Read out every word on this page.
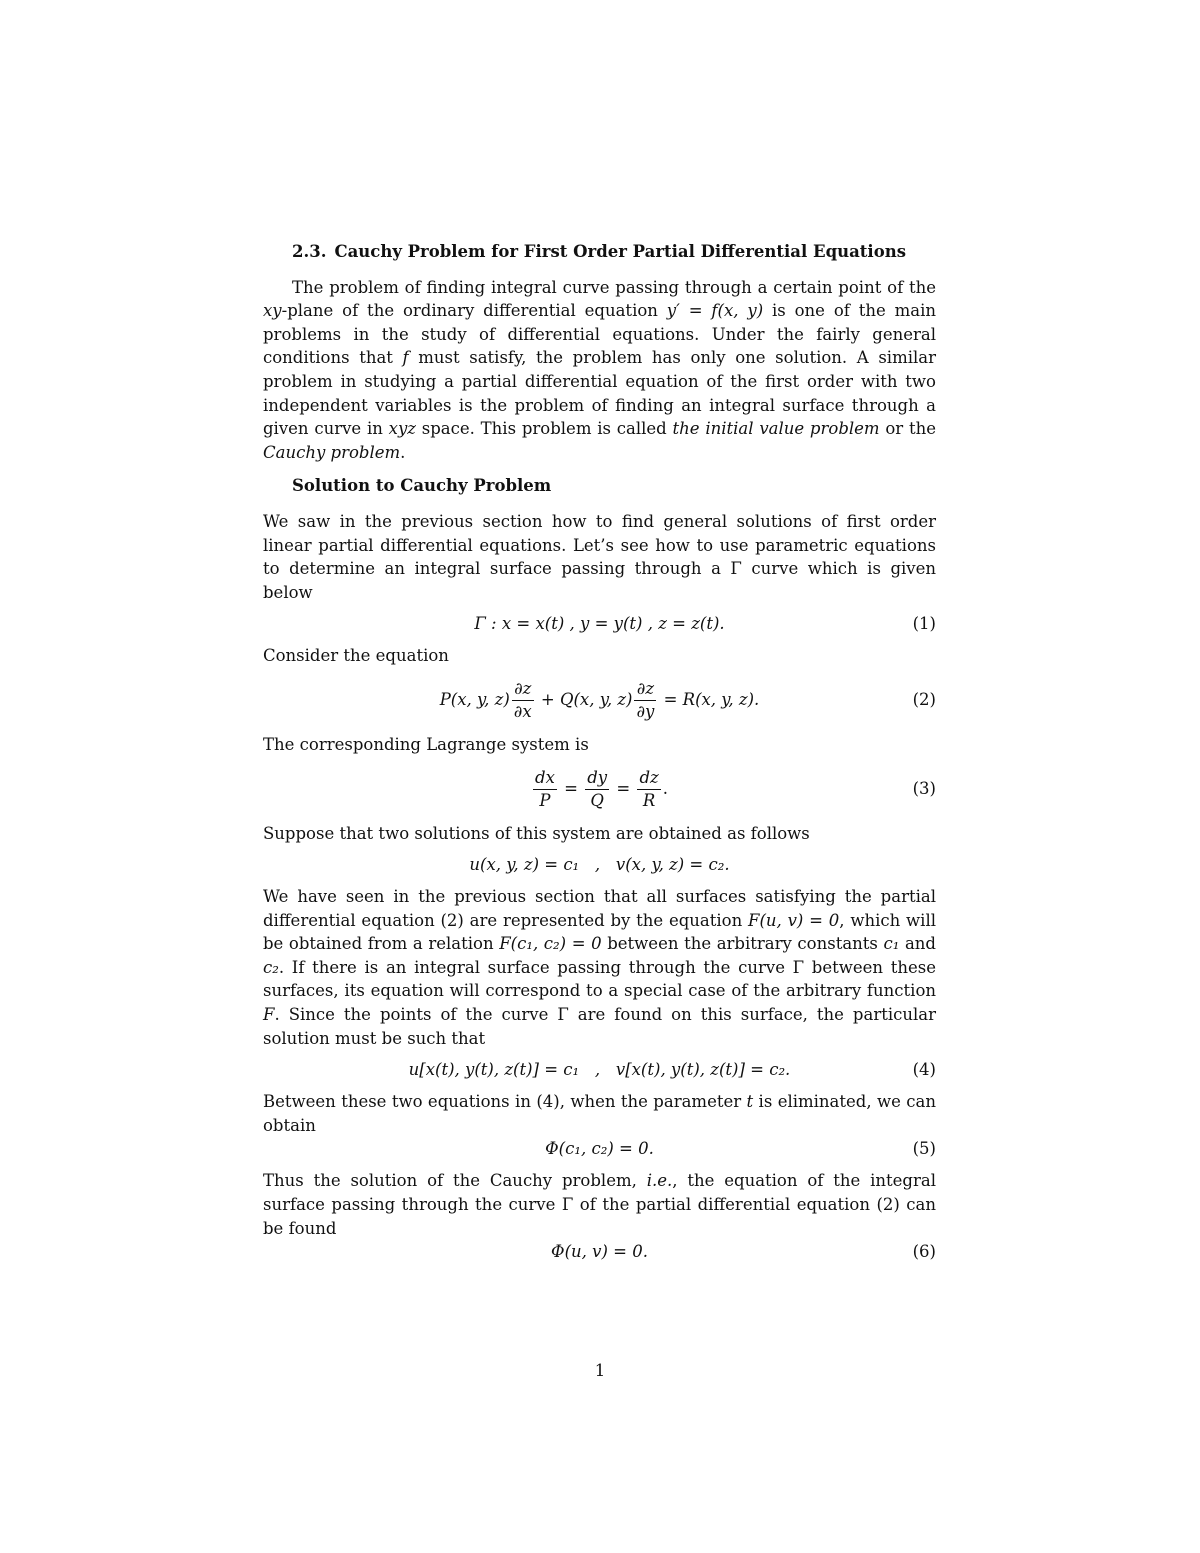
2.3. Cauchy Problem for First Order Partial Differential Equations

The problem of finding integral curve passing through a certain point of the xy-plane of the ordinary differential equation y′ = f(x, y) is one of the main problems in the study of differential equations. Under the fairly general conditions that f must satisfy, the problem has only one solution. A similar problem in studying a partial differential equation of the first order with two independent variables is the problem of finding an integral surface through a given curve in xyz space. This problem is called the initial value problem or the Cauchy problem.

Solution to Cauchy Problem

We saw in the previous section how to find general solutions of first order linear partial differential equations. Let’s see how to use parametric equations to determine an integral surface passing through a Γ curve which is given below

Γ : x = x(t) , y = y(t) , z = z(t).	(1)

Consider the equation

P(x, y, $z) \frac{\partial z}{\partial x} + Q(x$, y, $z) \frac{\partial z}{\partial y} = R(x$, y, z).	(2)

The corresponding Lagrange system is

$\frac{dx}{P} = \frac{dy}{Q} = \frac{dz}{R}$ .	(3)

Suppose that two solutions of this system are obtained as follows

u(x, y, z) = c₁   ,   v(x, y, z) = c₂.

We have seen in the previous section that all surfaces satisfying the partial differential equation (2) are represented by the equation F(u, v) = 0, which will be obtained from a relation F(c₁, c₂) = 0 between the arbitrary constants c₁ and c₂. If there is an integral surface passing through the curve Γ between these surfaces, its equation will correspond to a special case of the arbitrary function F. Since the points of the curve Γ are found on this surface, the particular solution must be such that

u[x(t), y(t), z(t)] = c₁   ,   v[x(t), y(t), z(t)] = c₂.	(4)

Between these two equations in (4), when the parameter t is eliminated, we can obtain

Φ(c₁, c₂) = 0.	(5)

Thus the solution of the Cauchy problem, i.e., the equation of the integral surface passing through the curve Γ of the partial differential equation (2) can be found

Φ(u, v) = 0.	(6)
1
